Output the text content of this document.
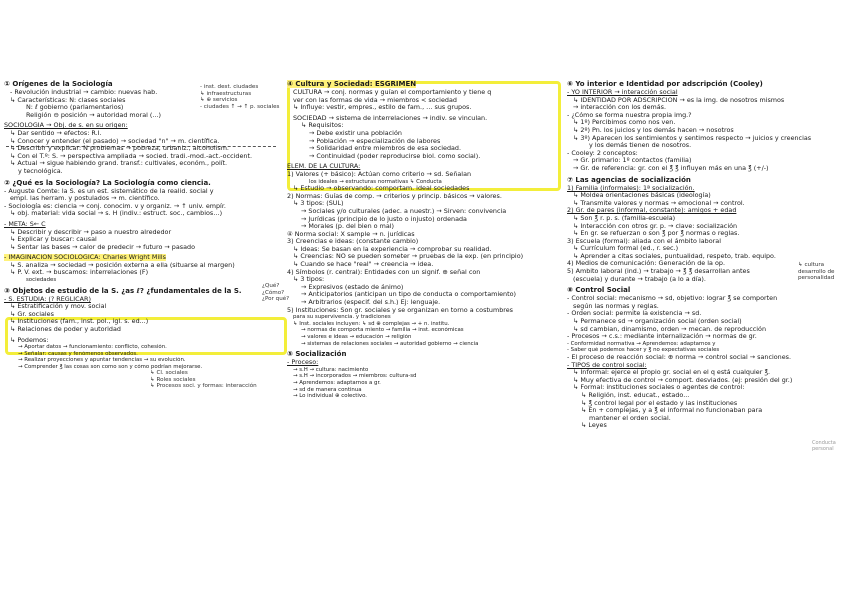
① Orígenes de la Sociología
- Revolución industrial → cambio: nuevas hab.
↳ Características: N: clases sociales
N: ℓ gobierno (parlamentarios)
Religión ⊖ posición → autoridad moral (...)
SOCIOLOGÍA → Obj. de s. en su origen:
↳ Dar sentido → efectos: R.I.
↳ Conocer y entender (el pasado) → sociedad "n" → m. científica.
↳ Describir y explicar: N problemas → pobreza, urbaniz., alcoholism.
↳ Con el T.º: S. → perspectiva ampliada → socied. tradi.-mod.-act.-occident.
↳ Actual → sigue habiendo grand. transf.: cultivales, económ., polít.
y tecnológica.
② ¿Qué es la Sociología? La Sociología como ciencia.
- Auguste Comte: la S. es un est. sistemático de la realid. social y
empl. las herram. y postulados → m. científico.
- Sociología es: ciencia → conj. conocim. v y organiz. → ↑ univ. empír.
↳ obj. material: vida social → s. H (indiv.: estruct. soc., cambios…)
- META: S← C
↳ Describir y describir → paso a nuestro alrededor
↳ Explicar y buscar: causal
↳ Sentar las bases → calor de predecir → futuro → pasado
- IMAGINACIÓN SOCIOLÓGICA: Charles Wright Mills
↳ S. analiza → sociedad → posición externa a ella (situarse al margen)
↳ P. V. ext. → buscamos: interrelaciones (F)
sociedades
③ Objetos de estudio de la S. ¿as ℓ? ¿fundamentales de la S.
- S. ESTUDIA: (? REGLICAR)
↳ Estratificación y mov. social
↳ Gr. sociales
↳ Instituciones (fam., inst. pol., igl. s. ed...)
↳ Relaciones de poder y autoridad
↳ Podemos:
→ Aportar datos → funcionamiento: conflicto, cohesión.
→ Señalar: causas y fenómenos observados.
→ Realizar proyecciones y apuntar tendencias → su evolución.
→ Comprender ℥ las cosas son como son y cómo podrían mejorarse.
- inst. dest. ciudades
↳ infraestructuras
↳ ⊕ servicios
- ciudades ↑ → ↑ p. sociales
¿Qué?
¿Cómo?
¿Por qué?
↳ Cl. sociales
↳ Roles sociales
↳ Procesos soci. y formas: interacción
④ Cultura y Sociedad: ESGRIMEN
CULTURA → conj. normas y guían el comportamiento y tiene q
ver con las formas de vida → miembros < sociedad
↳ Influye: vestir, empres., estilo de fam., … sus grupos.
SOCIEDAD → sistema de interrelaciones → indiv. se vinculan.
↳ Requisitos:
→ Debe existir una población
→ Población → especialización de labores
→ Solidaridad entre miembros de esa sociedad.
→ Continuidad (poder reproducirse biol. como social).
ELEM. DE LA CULTURA:
1) Valores (+ básico): Actúan como criterio → sd. Señalan
los ideales → estructuras normativas ↳ Conducta
↳ Estudio → observando: comportam. ideal sociedades
2) Normas: Guías de comp. → criterios y princip. básicos → valores.
↳ 3 tipos: (SUL)
→ Sociales y/o culturales (adec. a nuestr.) → Sirven: convivencia
→ Jurídicas (principio de lo justo o injusto) ordenada
→ Morales (p. del bien o mal)
④ Norma social: X sample → n. jurídicas
3) Creencias e ideas: (constante cambio)
↳ Ideas: Se basan en la experiencia → comprobar su realidad.
↳ Creencias: NO se pueden someter → pruebas de la exp. (en principio)
↳ Cuando se hace "real" → creencia → idea.
4) Símbolos (r. central): Entidades con un signif. ⊕ señal con
↳ 3 tipos:
→ Expresivos (estado de ánimo)
→ Anticipatorios (anticipan un tipo de conducta o comportamiento)
→ Arbitrarios (especif. del s.h.) Ej: lenguaje.
5) Instituciones: Son gr. sociales y se organizan en torno a costumbres
para su supervivencia. y tradiciones
↳ Inst. sociales incluyen: ↳ sd ⊕ complejas → + n. institu.
→ normas de comporta miento → familia → inst. económicas
→ valores e ideas → educación → religión
→ sistemas de relaciones sociales → autoridad gobierno → ciencia
⑤ Socialización
- Proceso:
→ s.H → cultura: nacimiento
→ s.H → incorporados → miembros: cultura-sd
→ Aprendemos: adaptarnos a gr.
→ sd de manera continua
→ Lo individual ⊕ colectivo.
⑥ Yo interior e Identidad por adscripción (Cooley)
- YO INTERIOR → interacción social
↳ IDENTIDAD POR ADSCRIPCIÓN → es la img. de nosotros mismos
→ interacción con los demás.
- ¿Cómo se forma nuestra propia img.?
↳ 1º) Percibimos como nos ven.
↳ 2º) Pn. los juicios y los demás hacen → nosotros
↳ 3º) Aparecen los sentimientos y sentimos respecto → juicios y creencias
y los demás tienen de nosotros.
- Cooley: 2 conceptos:
→ Gr. primario: 1º contactos (familia)
→ Gr. de referencia: gr. con el ℥ ℥ influyen más en una ℥ (+/-)
⑦ Las agencias de socialización
1) Familia (informales): 1ª socialización.
↳ Moldea orientaciones básicas (ideología)
↳ Transmite valores y normas → emocional → control.
2) Gr. de pares (informal, constante): amigos + edad
↳ Son ℥ r. p. s. (familia-escuela)
↳ Interacción con otros gr. p. → clave: socialización
↳ En gr. se refuerzan o son ℥ por ℥ normas o reglas.
3) Escuela (formal): aliada con el ámbito laboral
↳ Currículum formal (ed., r. sec.)
↳ Aprender a citas sociales, puntualidad, respeto, trab. equipo.
4) Medios de comunicación: Generación de la op.
5) Ámbito laboral (ind.) → trabajo → ℥ ℥ desarrollan antes
(escuela) y durante → trabajo (a lo a día).
⑧ Control Social
- Control social: mecanismo → sd, objetivo: lograr ℥ se comporten
según las normas y reglas.
- Orden social: permite la existencia → sd.
↳ Permanece sd → organización social (orden social)
↳ sd cambian, dinamismo, orden → mecan. de reproducción
- Procesos → c.s.: mediante internalización → normas de gr.
- Conformidad normativa → Aprendemos: adaptarnos y
- Saber qué podemos hacer y ℥ no expectativas sociales
- El proceso de reacción social: ⊕ norma → control social → sanciones.
- TIPOS de control social:
↳ Informal: ejerce el propio gr. social en el q está cualquier ℥.
↳ Muy efectiva de control → comport. desviados. (ej: presión del gr.)
↳ Formal: instituciones sociales o agentes de control:
↳ Religión, inst. educat., estado...
↳ ℥ control legal por el estado y las instituciones
↳ En + complejas, y a ℥ el informal no funcionaban para
mantener el orden social.
↳ Leyes
↳ cultura
desarrollo de
personalidad
Conducta
personal
